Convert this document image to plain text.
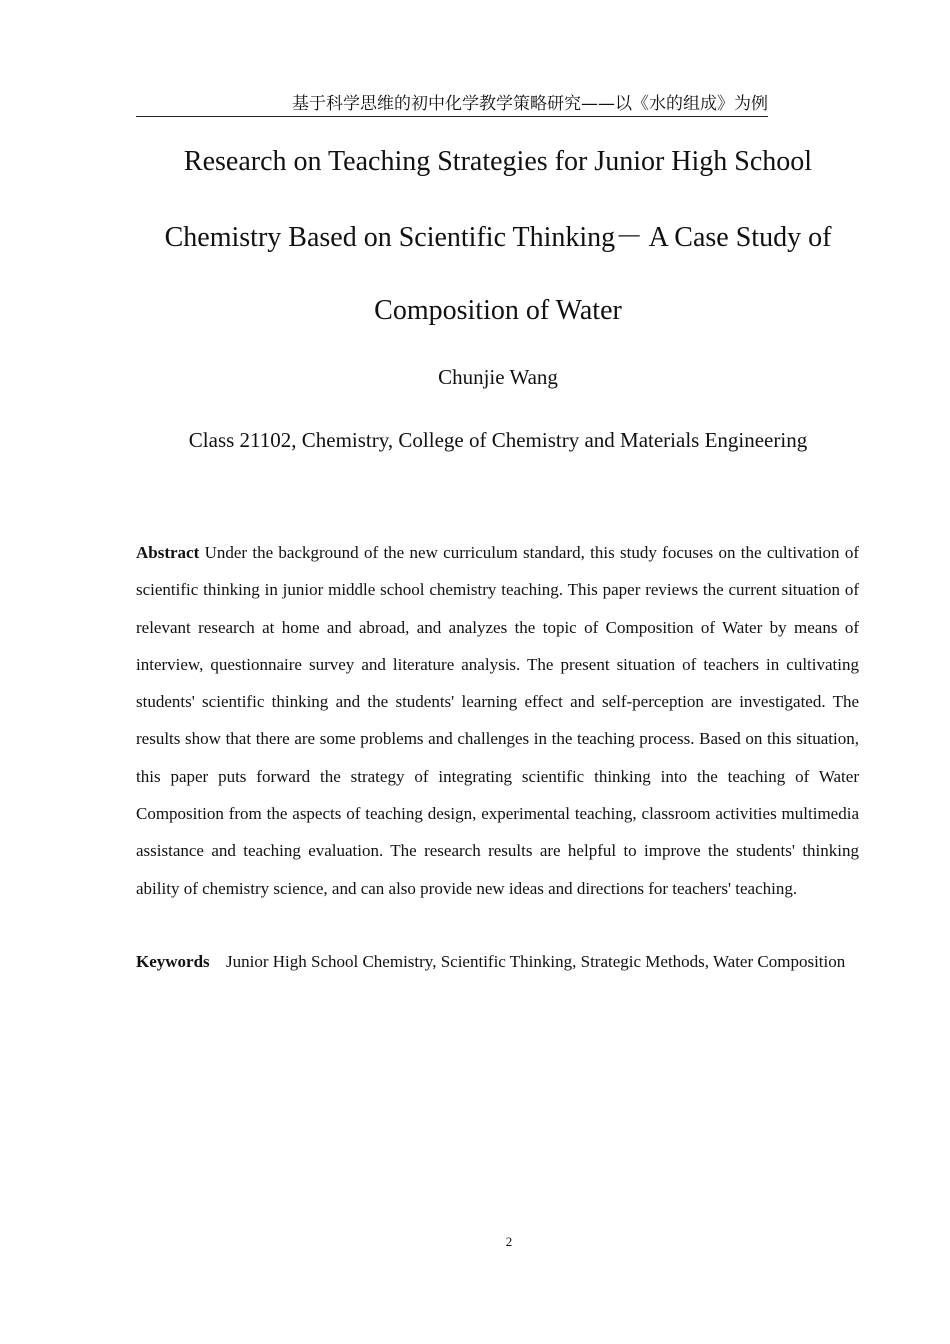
基于科学思维的初中化学教学策略研究——以《水的组成》为例
Research on Teaching Strategies for Junior High School
Chemistry Based on Scientific Thinking－ A Case Study of
Composition of Water
Chunjie Wang
Class 21102, Chemistry, College of Chemistry and Materials Engineering

Abstract Under the background of the new curriculum standard, this study focuses on the cultivation of scientific thinking in junior middle school chemistry teaching. This paper reviews the current situation of relevant research at home and abroad, and analyzes the topic of Composition of Water by means of interview, questionnaire survey and literature analysis. The present situation of teachers in cultivating students' scientific thinking and the students' learning effect and self-perception are investigated. The results show that there are some problems and challenges in the teaching process. Based on this situation, this paper puts forward the strategy of integrating scientific thinking into the teaching of Water Composition from the aspects of teaching design, experimental teaching, classroom activities multimedia assistance and teaching evaluation. The research results are helpful to improve the students' thinking ability of chemistry science, and can also provide new ideas and directions for teachers' teaching.

Keywords Junior High School Chemistry, Scientific Thinking, Strategic Methods, Water Composition
2
